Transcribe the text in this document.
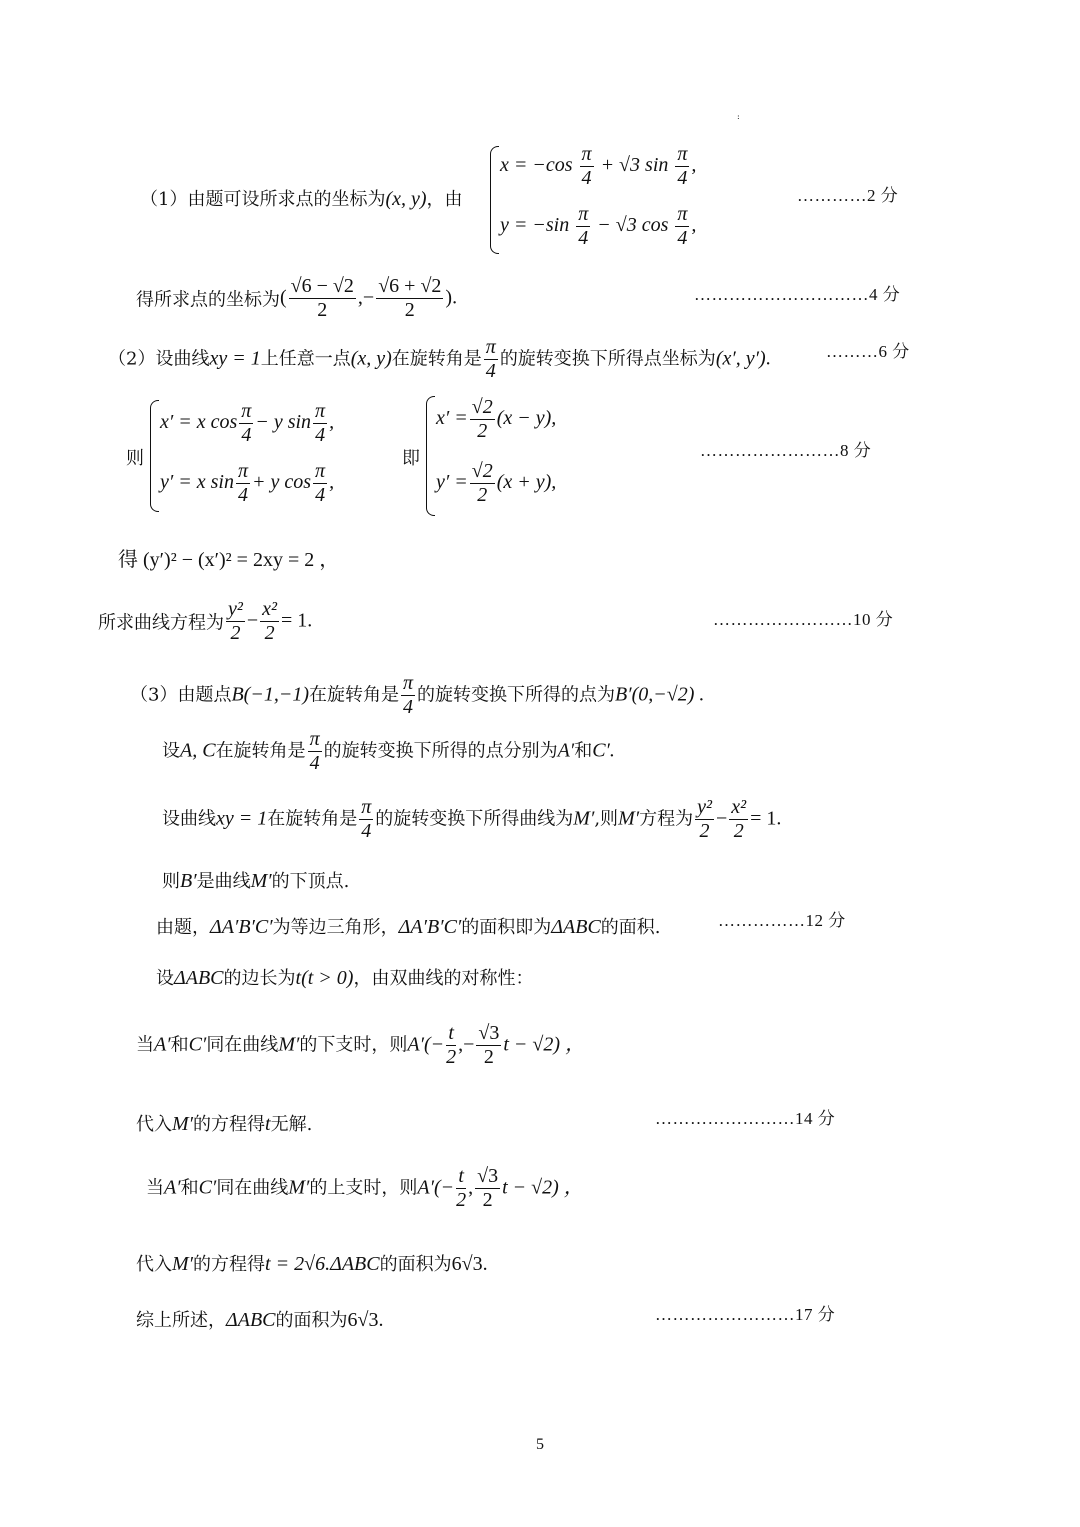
:
（1）由题可设所求点的坐标为(x, y)，由
$x = -\cos \frac{\pi}{4} + √3$ $\sin \frac{\pi}{4}$ ,
$y = -\sin \frac{\pi}{4} - √3$ $\cos \frac{\pi}{4}$ ,
…………2 分
得所求点的坐标为( $\frac{√6 - √2}{2}$ ,− $\frac{√6 + √2}{2}$ ).	…………………………4 分
（2）设曲线xy = 1上任意一点(x, y)在旋转角是 $\frac{\pi}{4}$ 的旋转变换下所得点坐标为(x′, y′).	………6 分
则
x′ = x $\cos \frac{\pi}{4} - y$ $\sin \frac{\pi}{4}$ ,
y′ = x $\sin \frac{\pi}{4} + y$ $\cos \frac{\pi}{4}$ ,
即
$x' = \frac{√2}{2} (x - y)$,
$y' = \frac{√2}{2} (x + y)$,
……………………8 分
得 (y′)² − (x′)² = 2xy = 2 ，
所求曲线方程为 $\frac{\text{y²}}{2} - \frac{\text{x²}}{2} = 1$.	……………………10 分
（3）由题点B(−1,−1)在旋转角是 $\frac{\pi}{4}$ 的旋转变换下所得的点为B′(0,−√2) .
设A, C在旋转角是 $\frac{\pi}{4}$ 的旋转变换下所得的点分别为A′和C′.
设曲线xy = 1在旋转角是 $\frac{\pi}{4}$ 的旋转变换下所得曲线为M′,则M′方程为 $\frac{\text{y²}}{2} - \frac{\text{x²}}{2} = 1$.
则B′是曲线M′的下顶点.
由题，ΔA′B′C′为等边三角形，ΔA′B′C′的面积即为ΔABC的面积.	……………12 分
设ΔABC的边长为t(t > 0)，由双曲线的对称性：
当A′和C′同在曲线M′的下支时，则$A'(- \frac{t}{2}$ ,− $\frac{√3}{2}$ t − √2) ，
代入M′的方程得t无解.	……………………14 分
当A′和C′同在曲线M′的上支时，则$A'(- \frac{t}{2}$ , $\frac{√3}{2}$ t − √2) ，
代入M′的方程得t = 2√6.ΔABC的面积为6√3.
综上所述，ΔABC的面积为6√3.	……………………17 分
5
